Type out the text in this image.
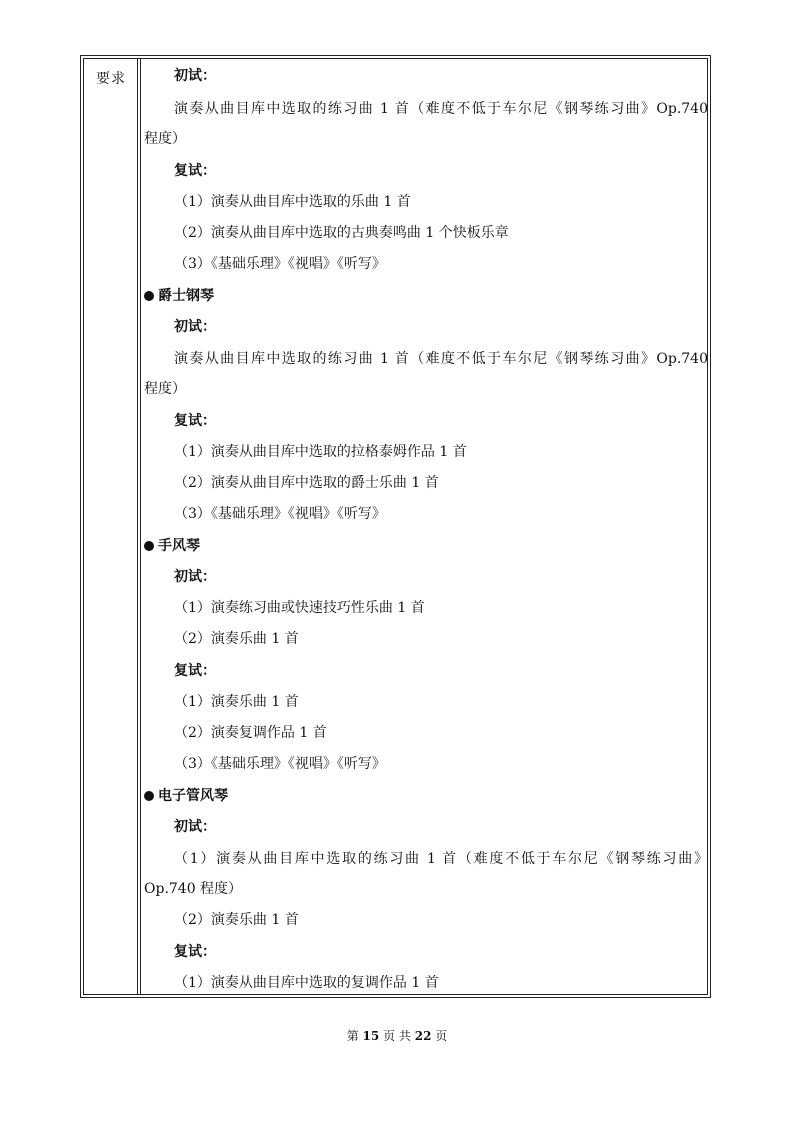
要求	初试：
演奏从曲目库中选取的练习曲 1 首（难度不低于车尔尼《钢琴练习曲》Op.740
程度）
复试：
（1）演奏从曲目库中选取的乐曲 1 首
（2）演奏从曲目库中选取的古典奏鸣曲 1 个快板乐章
（3）《基础乐理》《视唱》《听写》
爵士钢琴
初试：
演奏从曲目库中选取的练习曲 1 首（难度不低于车尔尼《钢琴练习曲》Op.740
程度）
复试：
（1）演奏从曲目库中选取的拉格泰姆作品 1 首
（2）演奏从曲目库中选取的爵士乐曲 1 首
（3）《基础乐理》《视唱》《听写》
手风琴
初试：
（1）演奏练习曲或快速技巧性乐曲 1 首
（2）演奏乐曲 1 首
复试：
（1）演奏乐曲 1 首
（2）演奏复调作品 1 首
（3）《基础乐理》《视唱》《听写》
电子管风琴
初试：
（1）演奏从曲目库中选取的练习曲 1 首（难度不低于车尔尼《钢琴练习曲》
Op.740 程度）
（2）演奏乐曲 1 首
复试：
（1）演奏从曲目库中选取的复调作品 1 首
第 15 页 共 22 页
